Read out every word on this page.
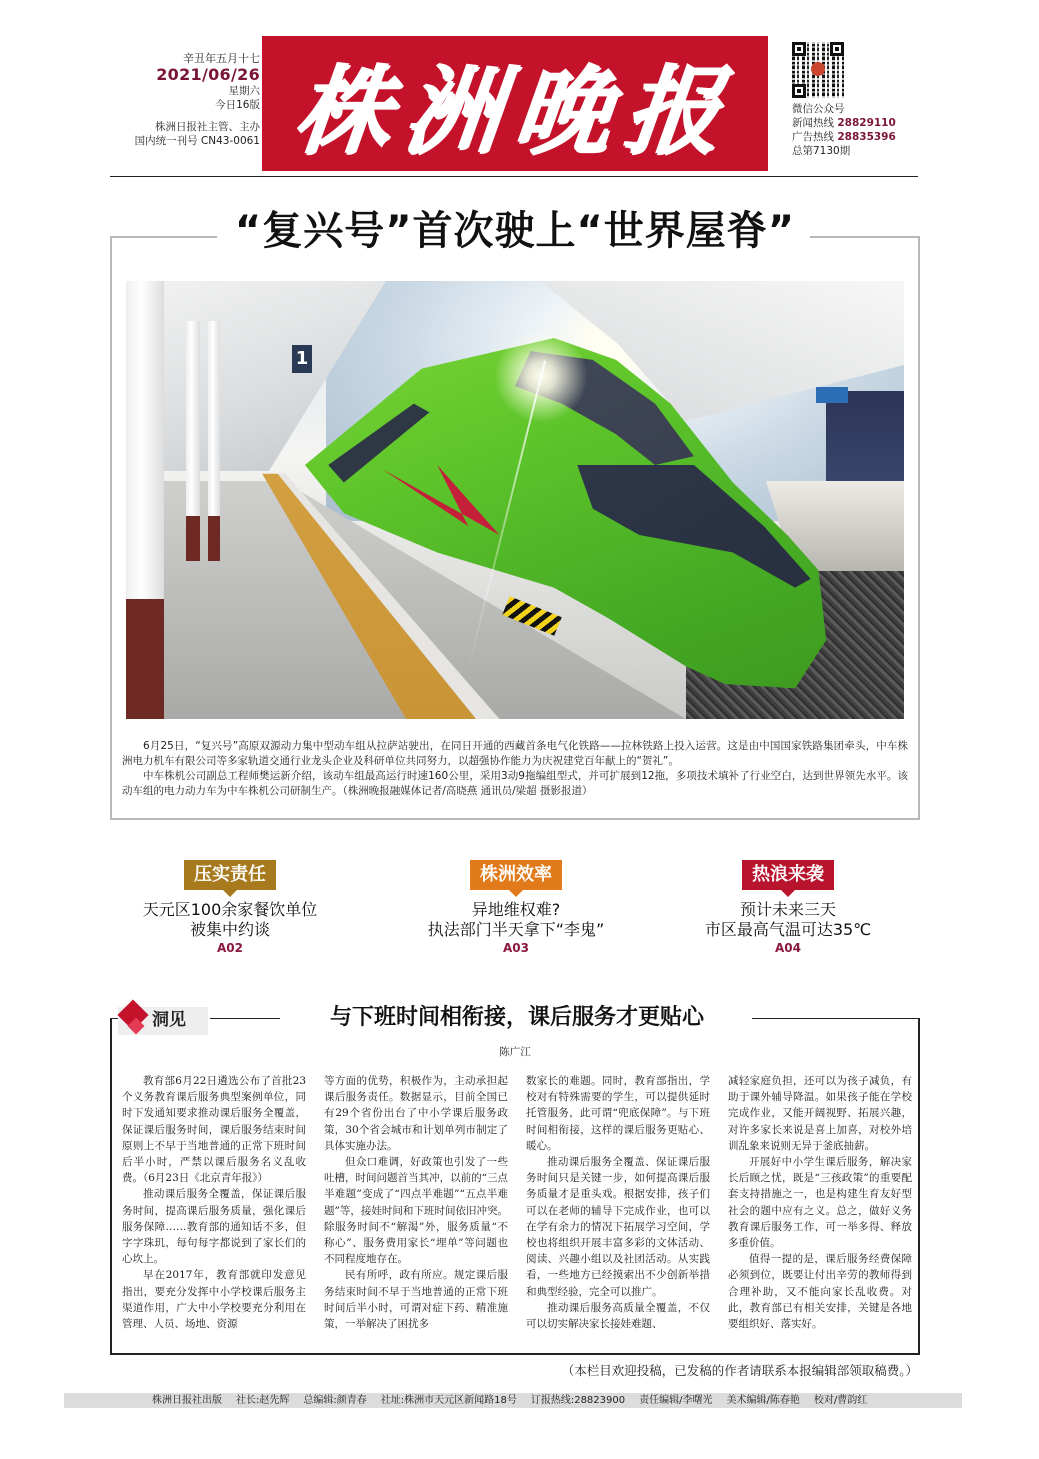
辛丑年五月十七
2021/06/26
星期六
今日16版
株洲日报社主管、主办
国内统一刊号 CN43-0061 株洲晚报	微信公众号
新闻热线 28829110
广告热线 28835396
总第7130期
“复兴号”首次驶上“世界屋脊”
1

6月25日，“复兴号”高原双源动力集中型动车组从拉萨站驶出，在同日开通的西藏首条电气化铁路——拉林铁路上投入运营。这是由中国国家铁路集团牵头，中车株洲电力机车有限公司等多家轨道交通行业龙头企业及科研单位共同努力，以超强协作能力为庆祝建党百年献上的“贺礼”。

中车株机公司副总工程师樊运新介绍，该动车组最高运行时速160公里，采用3动9拖编组型式，并可扩展到12拖，多项技术填补了行业空白，达到世界领先水平。该动车组的电力动力车为中车株机公司研制生产。（株洲晚报融媒体记者/高晓燕 通讯员/梁超 摄影报道）

压实责任
天元区100余家餐饮单位
被集中约谈
A02
株洲效率
异地维权难?
执法部门半天拿下“李鬼”
A03
热浪来袭
预计未来三天
市区最高气温可达35℃
A04
洞见	与下班时间相衔接，课后服务才更贴心
陈广江

教育部6月22日遴选公布了首批23个义务教育课后服务典型案例单位，同时下发通知要求推动课后服务全覆盖，保证课后服务时间，课后服务结束时间原则上不早于当地普通的正常下班时间后半小时，严禁以课后服务名义乱收费。（6月23日《北京青年报》）

推动课后服务全覆盖，保证课后服务时间，提高课后服务质量，强化课后服务保障……教育部的通知话不多，但字字珠玑，每句每字都说到了家长们的心坎上。

早在2017年，教育部就印发意见指出，要充分发挥中小学校课后服务主渠道作用，广大中小学校要充分利用在管理、人员、场地、资源

等方面的优势，积极作为，主动承担起课后服务责任。数据显示，目前全国已有29个省份出台了中小学课后服务政策，30个省会城市和计划单列市制定了具体实施办法。

但众口难调，好政策也引发了一些吐槽，时间问题首当其冲，以前的“三点半难题”变成了“四点半难题”“五点半难题”等，接娃时间和下班时间依旧冲突。除服务时间不“解渴”外，服务质量“不称心”、服务费用家长“埋单”等问题也不同程度地存在。

民有所呼，政有所应。规定课后服务结束时间不早于当地普通的正常下班时间后半小时，可谓对症下药、精准施策，一举解决了困扰多

数家长的难题。同时，教育部指出，学校对有特殊需要的学生，可以提供延时托管服务，此可谓“兜底保障”。与下班时间相衔接，这样的课后服务更贴心、暖心。

推动课后服务全覆盖、保证课后服务时间只是关键一步，如何提高课后服务质量才是重头戏。根据安排，孩子们可以在老师的辅导下完成作业，也可以在学有余力的情况下拓展学习空间，学校也将组织开展丰富多彩的文体活动、阅读、兴趣小组以及社团活动。从实践看，一些地方已经摸索出不少创新举措和典型经验，完全可以推广。

推动课后服务高质量全覆盖，不仅可以切实解决家长接娃难题、

减轻家庭负担，还可以为孩子减负，有助于课外辅导降温。如果孩子能在学校完成作业，又能开阔视野、拓展兴趣，对许多家长来说是喜上加喜，对校外培训乱象来说则无异于釜底抽薪。

开展好中小学生课后服务，解决家长后顾之忧，既是“三孩政策”的重要配套支持措施之一，也是构建生育友好型社会的题中应有之义。总之，做好义务教育课后服务工作，可一举多得、释放多重价值。

值得一提的是，课后服务经费保障必须到位，既要让付出辛劳的教师得到合理补助，又不能向家长乱收费。对此，教育部已有相关安排，关键是各地要组织好、落实好。

（本栏目欢迎投稿，已发稿的作者请联系本报编辑部领取稿费。）
株洲日报社出版 社长:赵先辉 总编辑:颜青春 社址:株洲市天元区新闻路18号 订报热线:28823900 责任编辑/李曙光 美术编辑/陈春艳 校对/曹韵红
